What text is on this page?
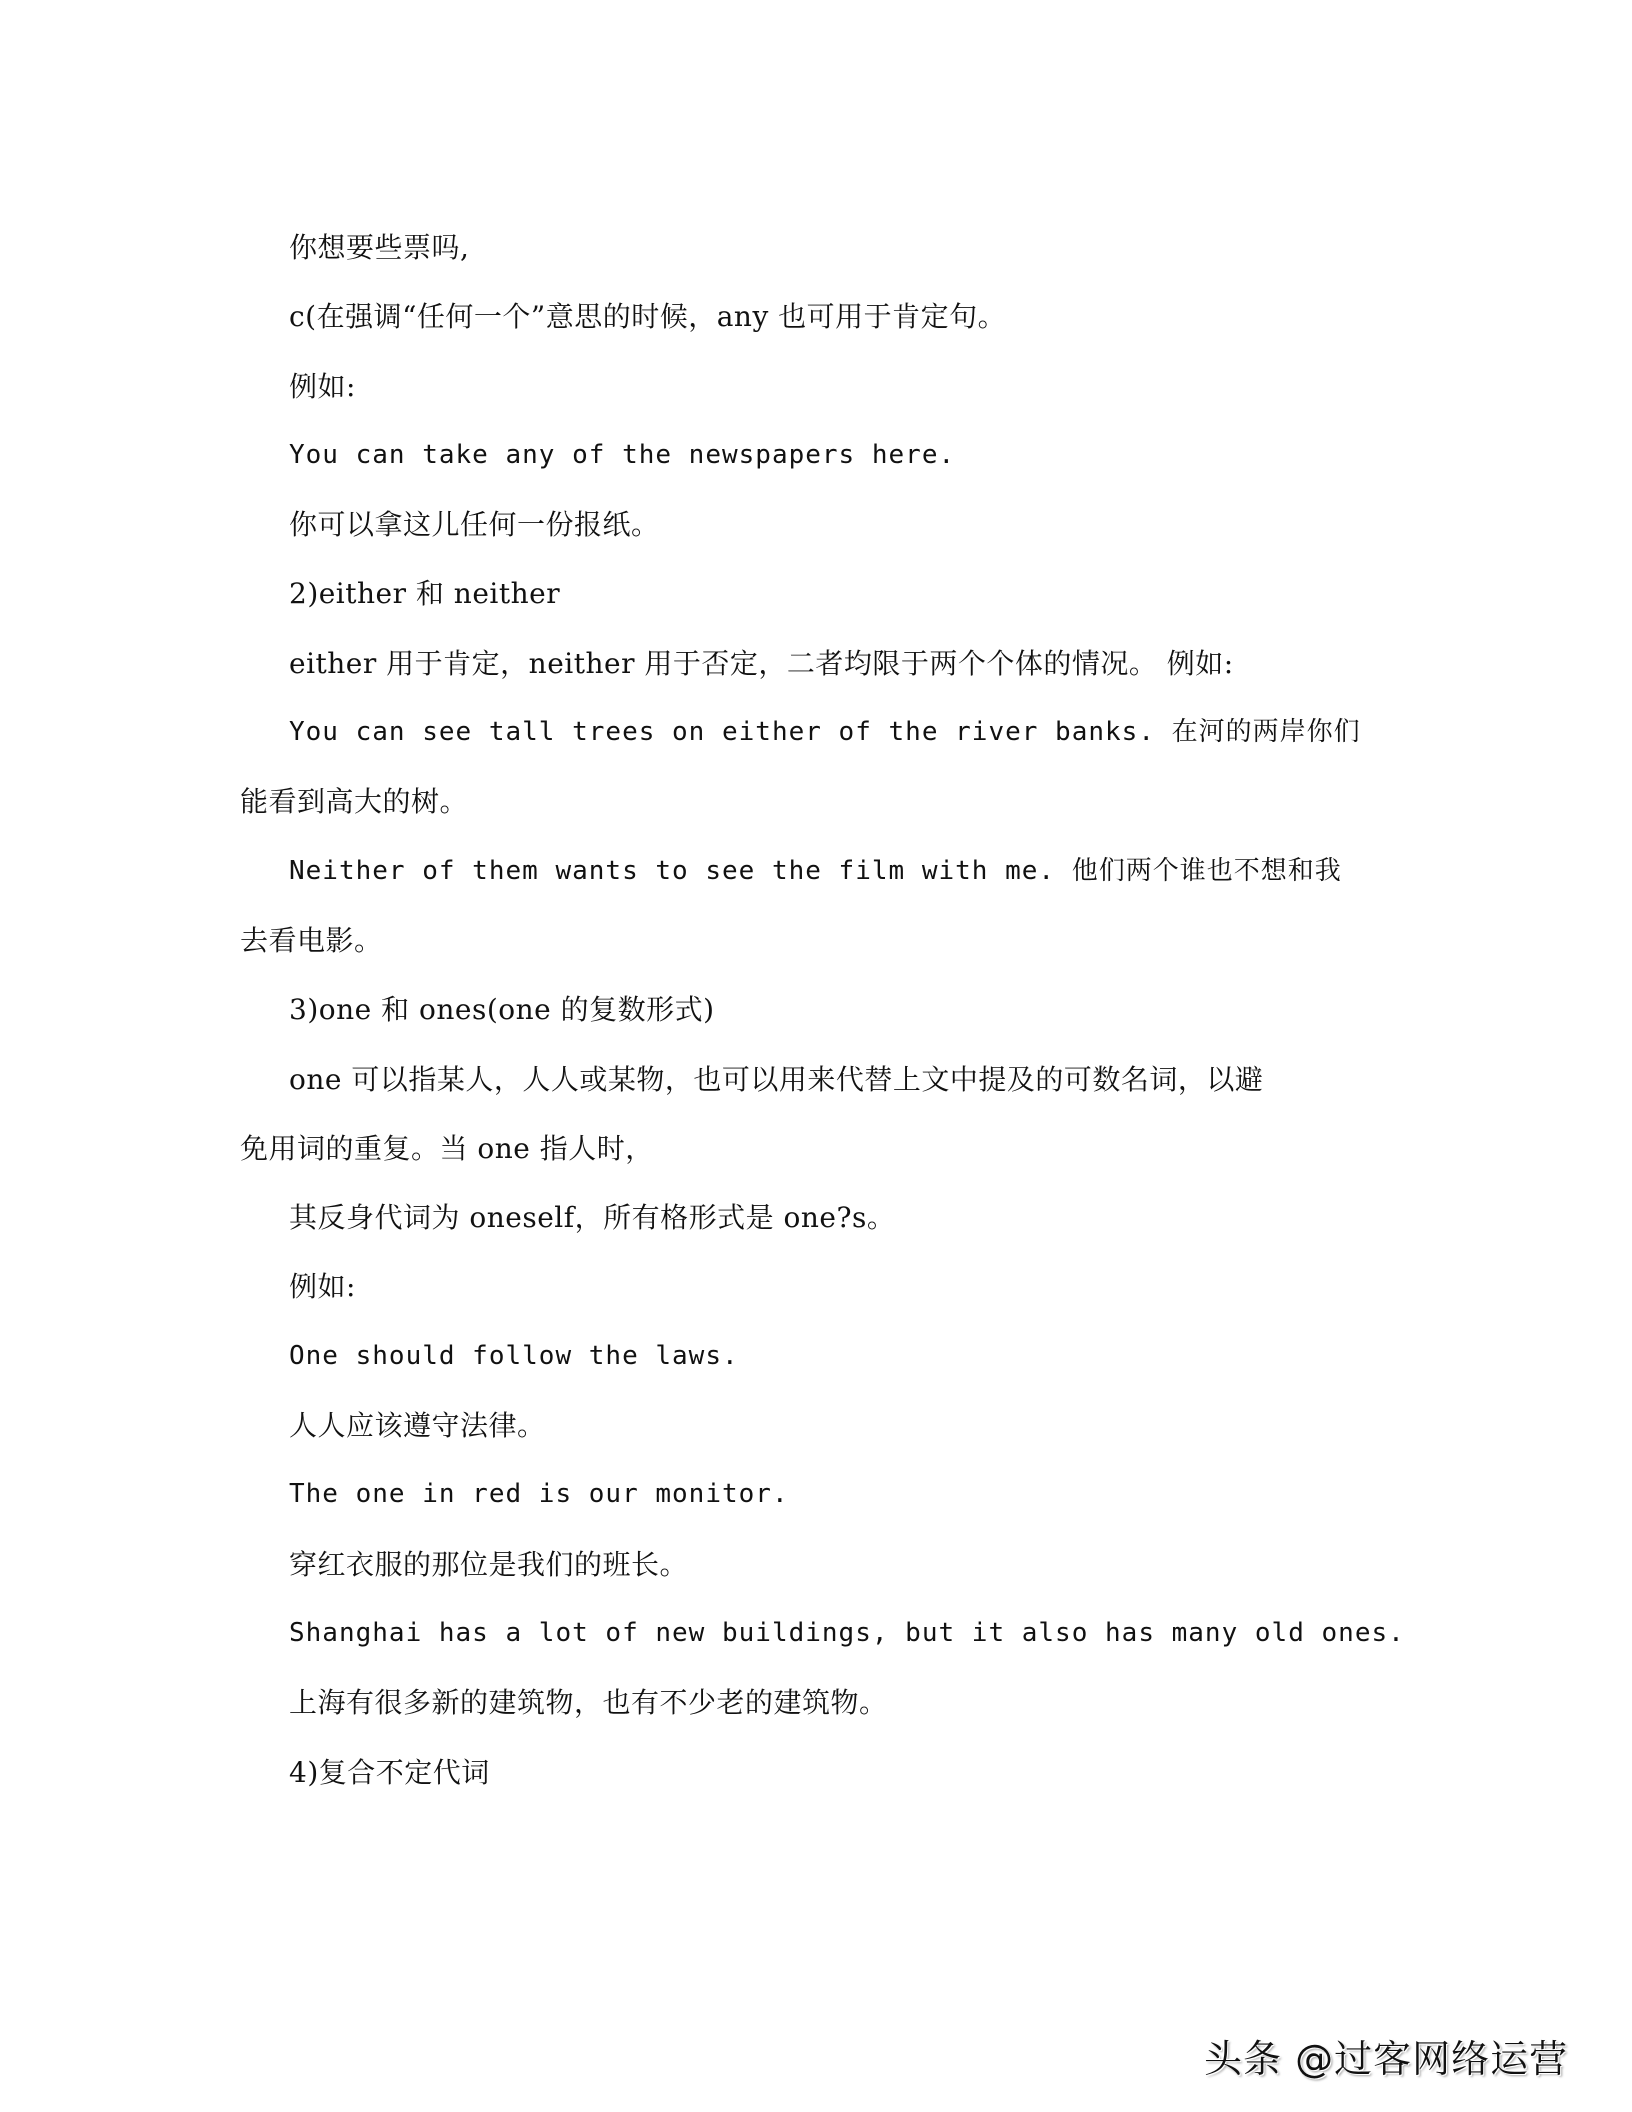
你想要些票吗,
c(在强调“任何一个”意思的时候，any 也可用于肯定句。
例如:
You can take any of the newspapers here.
你可以拿这儿任何一份报纸。
2)either 和 neither
either 用于肯定，neither 用于否定，二者均限于两个个体的情况。 例如:
You can see tall trees on either of the river banks. 在河的两岸你们
能看到高大的树。
Neither of them wants to see the film with me. 他们两个谁也不想和我
去看电影。
3)one 和 ones(one 的复数形式)
one 可以指某人，人人或某物，也可以用来代替上文中提及的可数名词，以避
免用词的重复。当 one 指人时，
其反身代词为 oneself，所有格形式是 one?s。
例如:
One should follow the laws.
人人应该遵守法律。
The one in red is our monitor.
穿红衣服的那位是我们的班长。
Shanghai has a lot of new buildings, but it also has many old ones.
上海有很多新的建筑物，也有不少老的建筑物。
4)复合不定代词
头条 @过客网络运营
